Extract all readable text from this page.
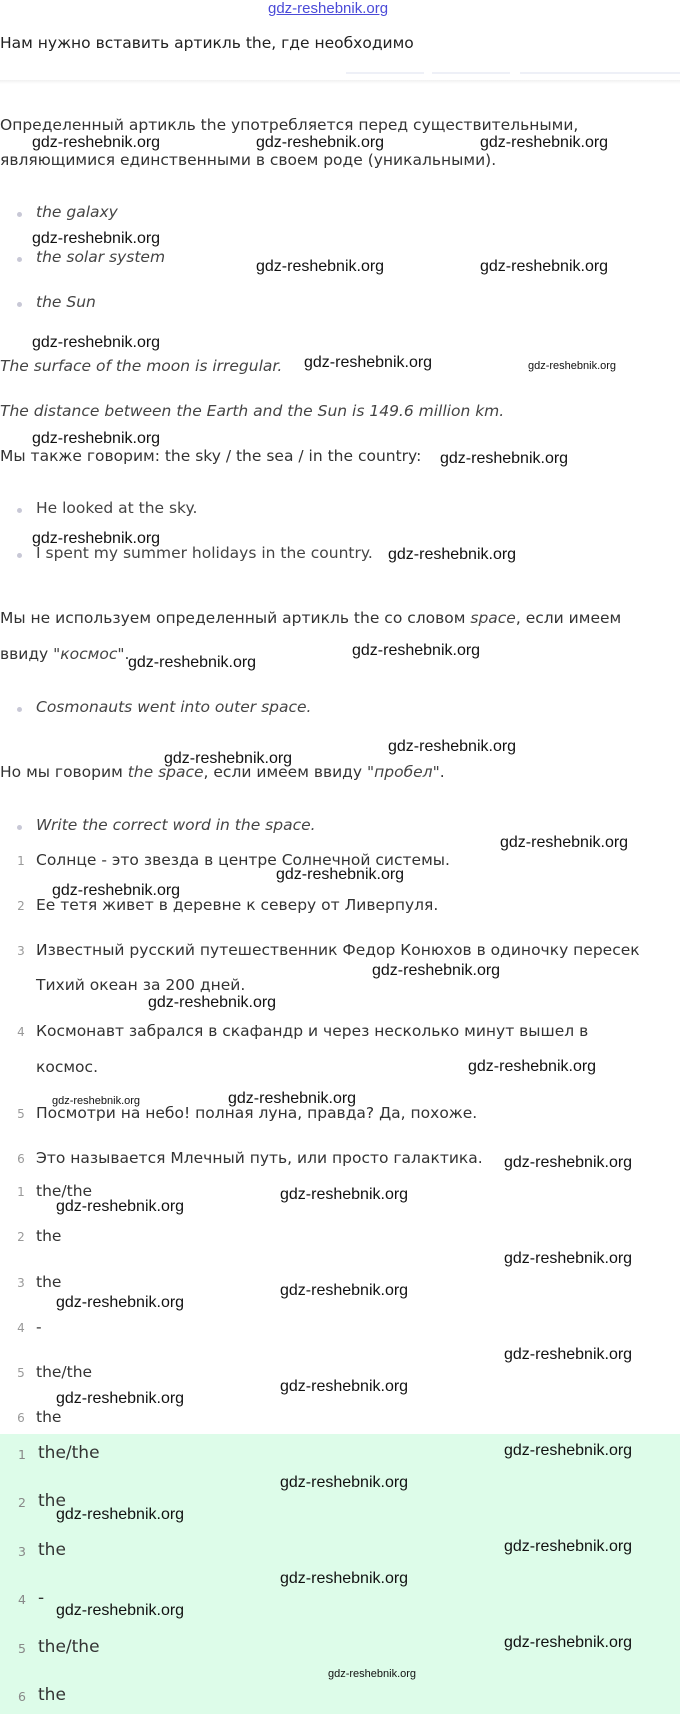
gdz-reshebnik.org
Нам нужно вставить артикль the, где необходимо
Определенный артикль the употребляется перед существительными,
являющимися единственными в своем роде (уникальными).
the galaxy
the solar system
the Sun
The surface of the moon is irregular.
The distance between the Earth and the Sun is 149.6 million km.
Мы также говорим: the sky / the sea / in the country:
He looked at the sky.
I spent my summer holidays in the country.
Мы не используем определенный артикль the со словом space, если имеем
ввиду "космос".
Cosmonauts went into outer space.
Но мы говорим the space, если имеем ввиду "пробел".
Write the correct word in the space.
1 Солнце - это звезда в центре Солнечной системы.
2 Ее тетя живет в деревне к северу от Ливерпуля.
3 Известный русский путешественник Федор Конюхов в одиночку пересек
Тихий океан за 200 дней.
4 Космонавт забрался в скафандр и через несколько минут вышел в
космос.
5 Посмотри на небо! полная луна, правда? Да, похоже.
6 Это называется Млечный путь, или просто галактика.
1 the/the
2 the
3 the
4 -
5 the/the
6 the
1 the/the
2 the
3 the
4 -
5 the/the
6 the
gdz-reshebnik.org	gdz-reshebnik.org	gdz-reshebnik.org
gdz-reshebnik.org
gdz-reshebnik.org	gdz-reshebnik.org
gdz-reshebnik.org
gdz-reshebnik.org	gdz-reshebnik.org
gdz-reshebnik.org
gdz-reshebnik.org
gdz-reshebnik.org
gdz-reshebnik.org
gdz-reshebnik.org
gdz-reshebnik.org
gdz-reshebnik.org
gdz-reshebnik.org
gdz-reshebnik.org
gdz-reshebnik.org
gdz-reshebnik.org
gdz-reshebnik.org
gdz-reshebnik.org
gdz-reshebnik.org
gdz-reshebnik.org
gdz-reshebnik.org
gdz-reshebnik.org
gdz-reshebnik.org
gdz-reshebnik.org
gdz-reshebnik.org
gdz-reshebnik.org
gdz-reshebnik.org
gdz-reshebnik.org
gdz-reshebnik.org
gdz-reshebnik.org
gdz-reshebnik.org
gdz-reshebnik.org
gdz-reshebnik.org
gdz-reshebnik.org
gdz-reshebnik.org
gdz-reshebnik.org
gdz-reshebnik.org
gdz-reshebnik.org
